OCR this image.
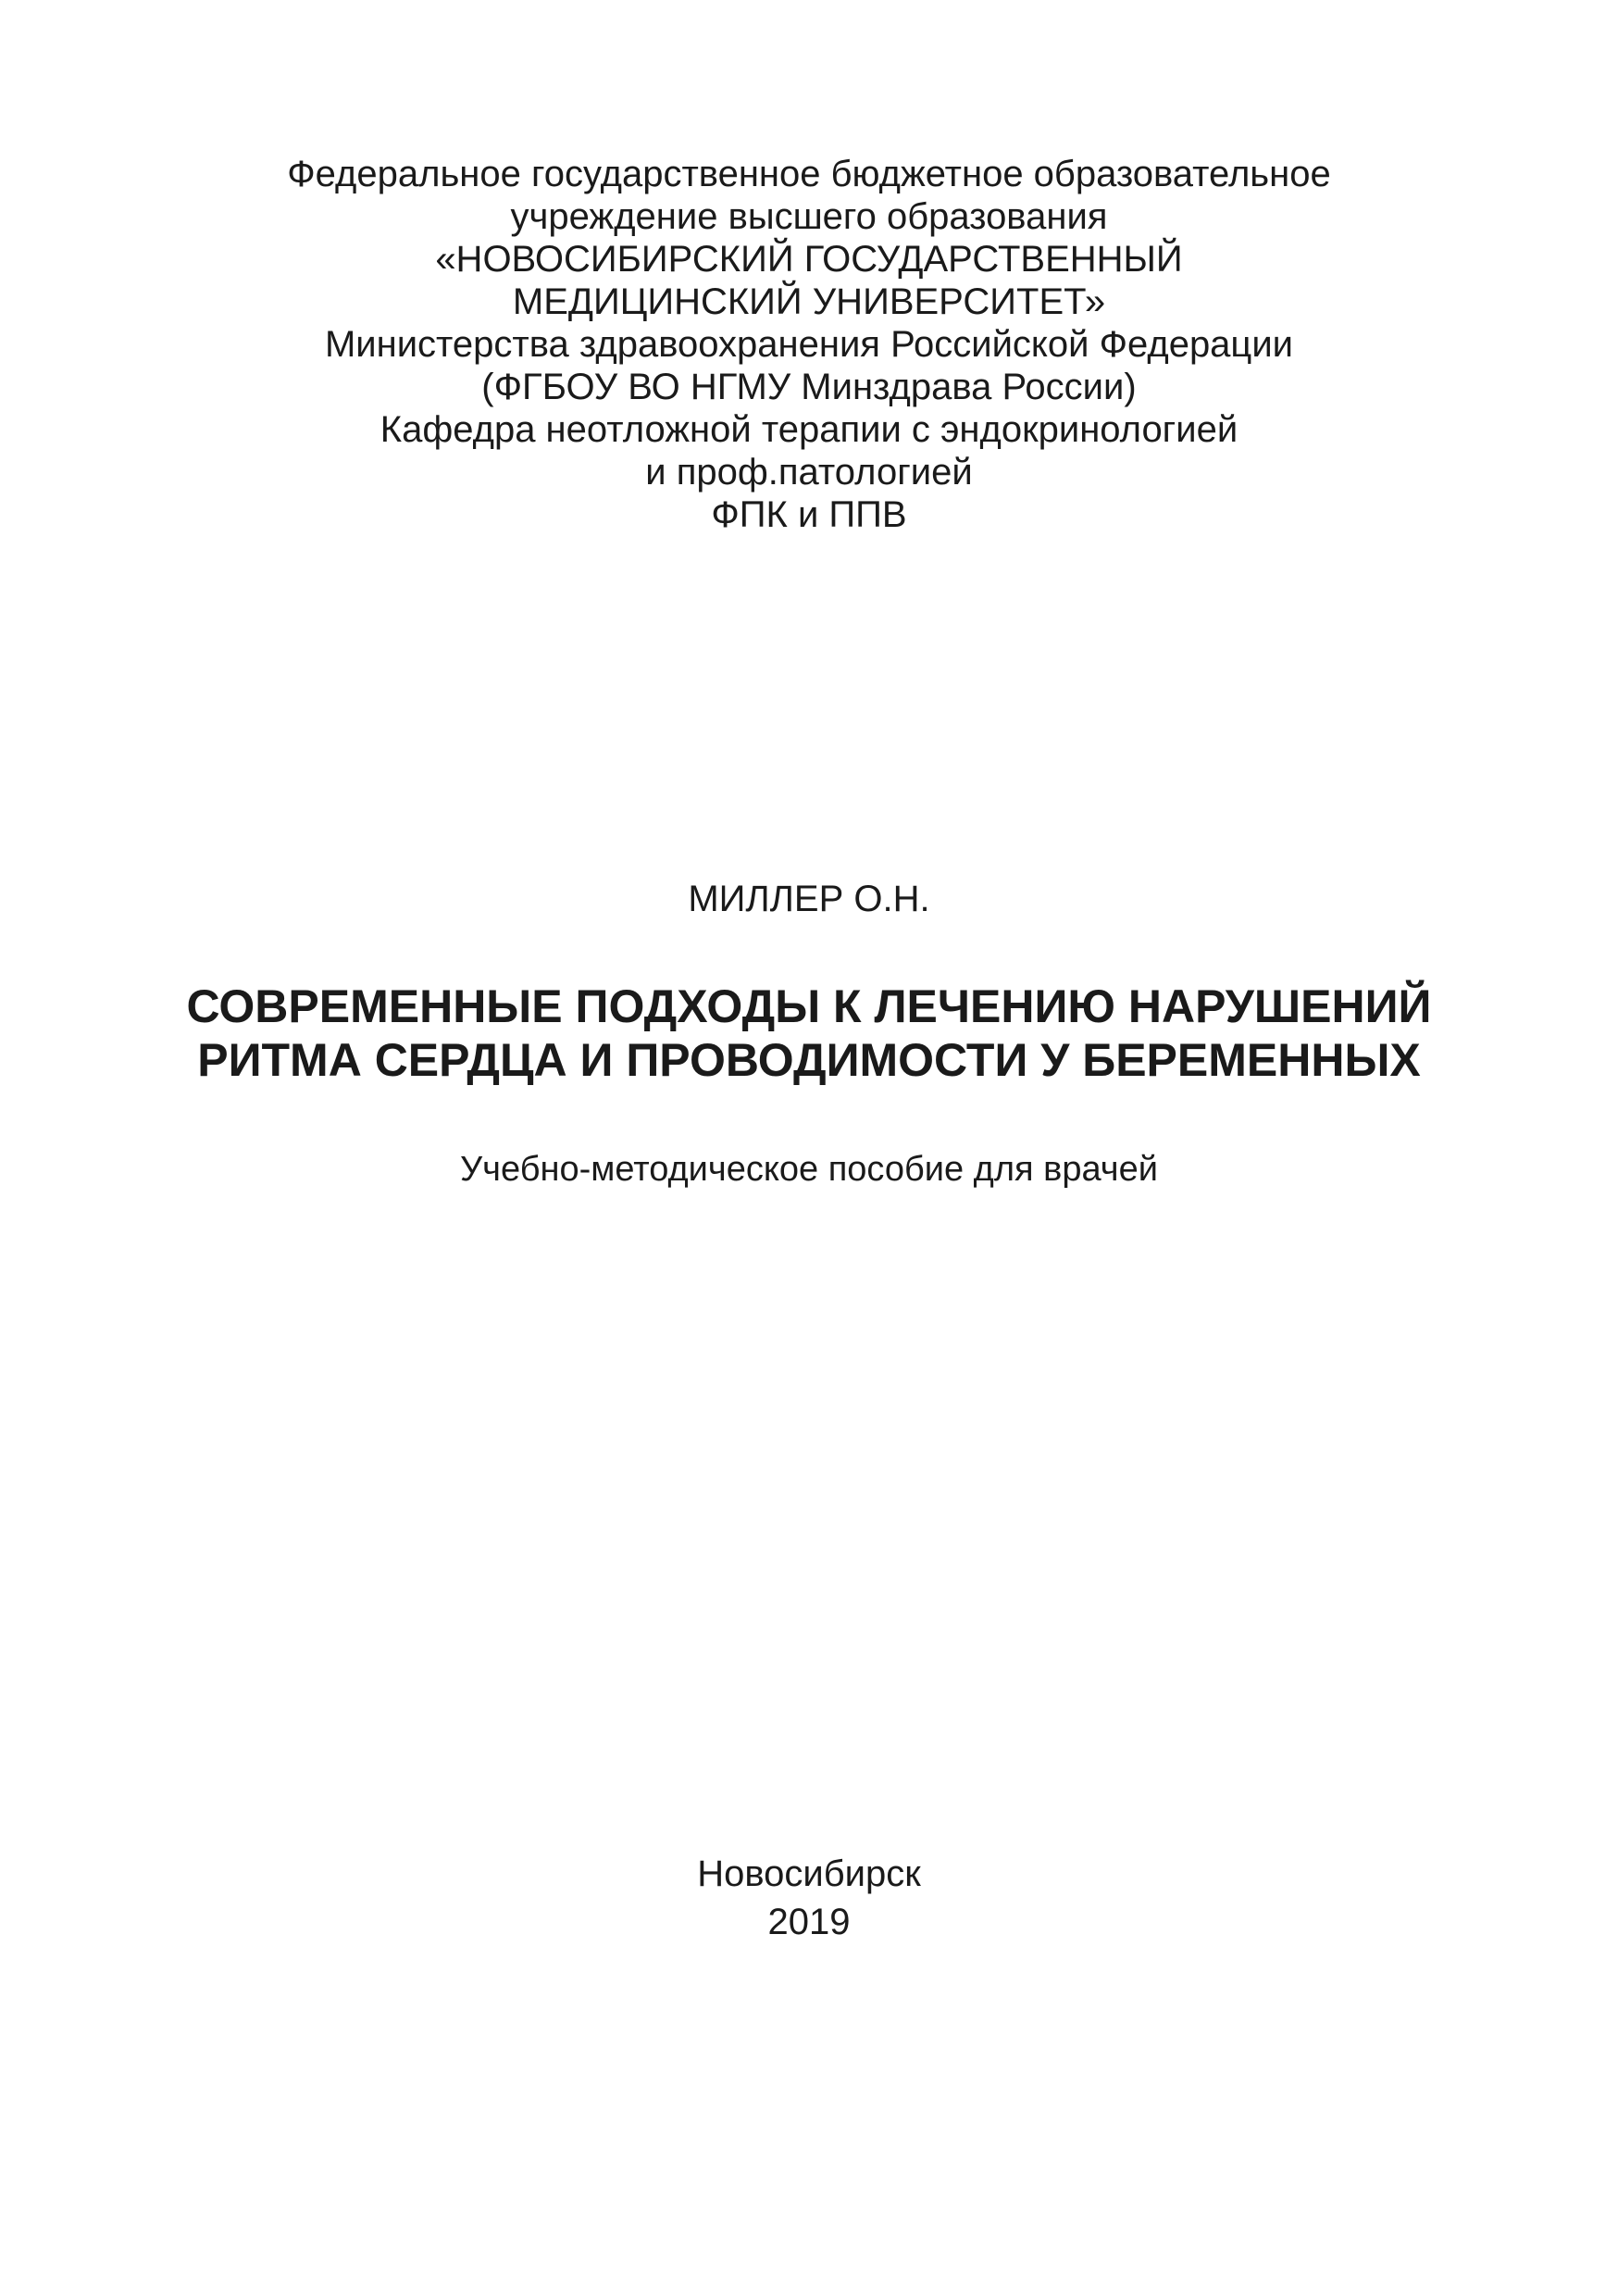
Федеральное государственное бюджетное образовательное
учреждение высшего образования
«НОВОСИБИРСКИЙ ГОСУДАРСТВЕННЫЙ
МЕДИЦИНСКИЙ УНИВЕРСИТЕТ»
Министерства здравоохранения Российской Федерации
(ФГБОУ ВО НГМУ Минздрава России)
Кафедра неотложной терапии с эндокринологией
и проф.патологией
ФПК и ППВ
МИЛЛЕР О.Н.
СОВРЕМЕННЫЕ ПОДХОДЫ К ЛЕЧЕНИЮ НАРУШЕНИЙ
РИТМА СЕРДЦА И ПРОВОДИМОСТИ У БЕРЕМЕННЫХ
Учебно-методическое пособие для врачей
Новосибирск
2019
